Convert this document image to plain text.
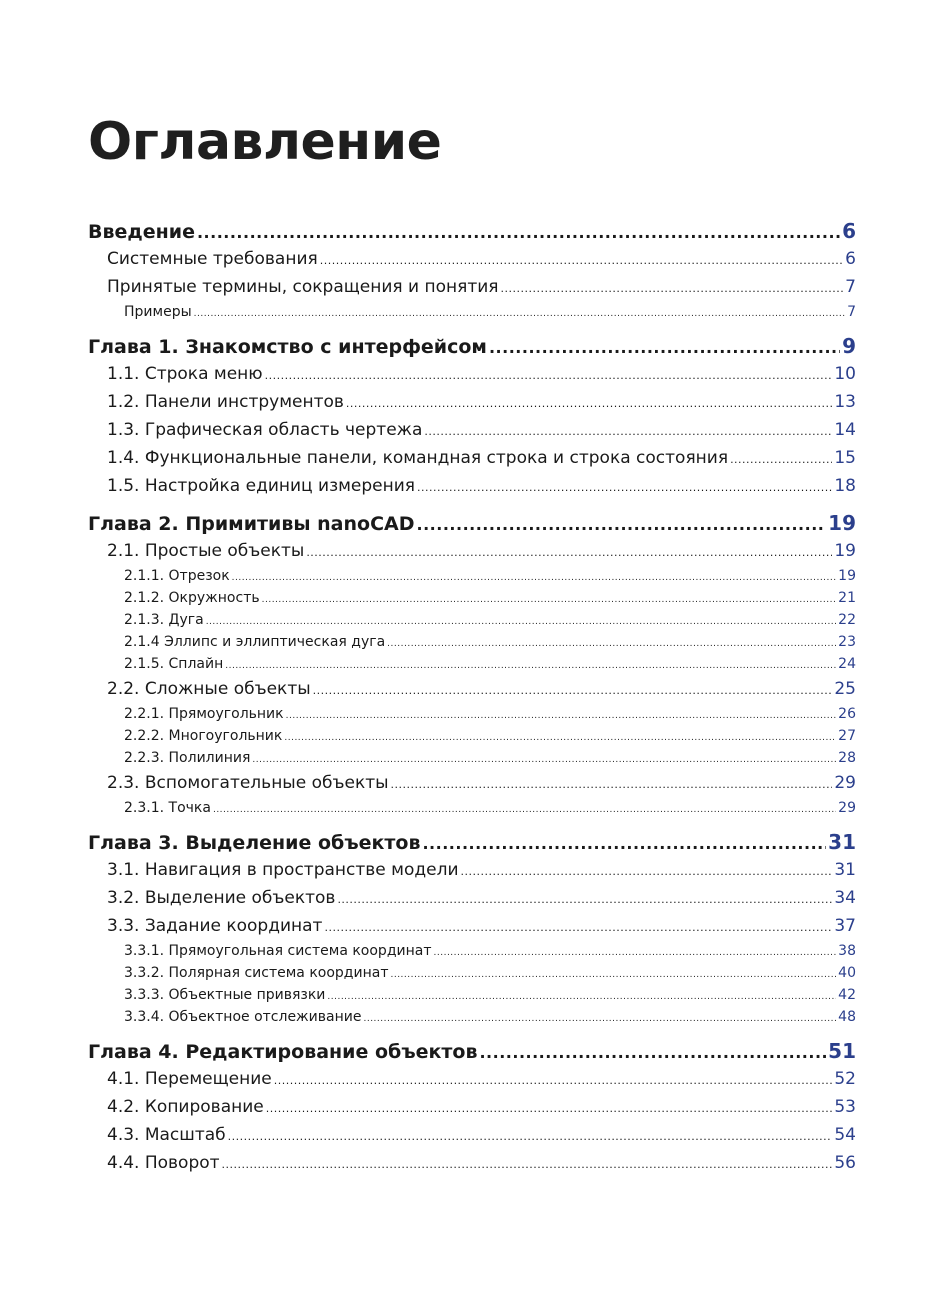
Оглавление
Введение .....	6
Системные требования .....	6
Принятые термины, сокращения и понятия .....	7
Примеры .....	7
Глава 1. Знакомство с интерфейсом .....	9
1.1. Строка меню .....	10
1.2. Панели инструментов .....	13
1.3. Графическая область чертежа .....	14
1.4. Функциональные панели, командная строка и строка состояния .....	15
1.5. Настройка единиц измерения .....	18
Глава 2. Примитивы nanoCAD .....	19
2.1. Простые объекты .....	19
2.1.1. Отрезок .....	19
2.1.2. Окружность .....	21
2.1.3. Дуга .....	22
2.1.4 Эллипс и эллиптическая дуга .....	23
2.1.5. Сплайн .....	24
2.2. Сложные объекты .....	25
2.2.1. Прямоугольник .....	26
2.2.2. Многоугольник .....	27
2.2.3. Полилиния .....	28
2.3. Вспомогательные объекты .....	29
2.3.1. Точка .....	29
Глава 3. Выделение объектов .....	31
3.1. Навигация в пространстве модели .....	31
3.2. Выделение объектов .....	34
3.3. Задание координат .....	37
3.3.1. Прямоугольная система координат .....	38
3.3.2. Полярная система координат .....	40
3.3.3. Объектные привязки .....	42
3.3.4. Объектное отслеживание .....	48
Глава 4. Редактирование объектов .....	51
4.1. Перемещение .....	52
4.2. Копирование .....	53
4.3. Масштаб .....	54
4.4. Поворот .....	56
